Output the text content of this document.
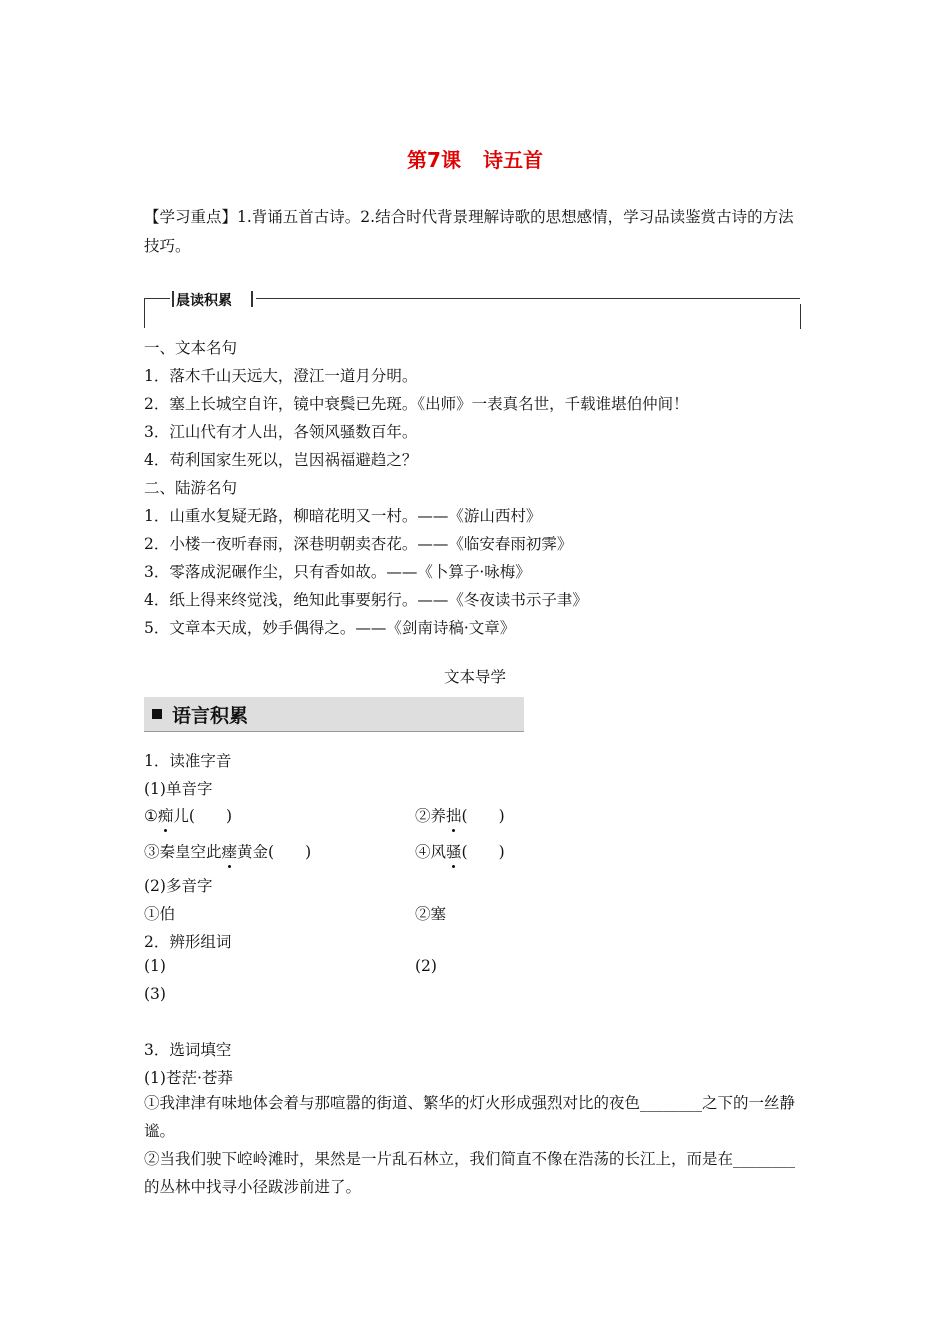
第7课 诗五首
【学习重点】1.背诵五首古诗。2.结合时代背景理解诗歌的思想感情，学习品读鉴赏古诗的方法技巧。
晨读积累
一、文本名句
1．落木千山天远大，澄江一道月分明。
2．塞上长城空自许，镜中衰鬓已先斑。《出师》一表真名世，千载谁堪伯仲间！
3．江山代有才人出，各领风骚数百年。
4．苟利国家生死以，岂因祸福避趋之？
二、陆游名句
1．山重水复疑无路，柳暗花明又一村。——《游山西村》
2．小楼一夜听春雨，深巷明朝卖杏花。——《临安春雨初霁》
3．零落成泥碾作尘，只有香如故。——《卜算子·咏梅》
4．纸上得来终觉浅，绝知此事要躬行。——《冬夜读书示子聿》
5．文章本天成，妙手偶得之。——《剑南诗稿·文章》
文本导学
语言积累
1．读准字音
(1)单音字
①痴儿(　　)	②养拙(　　)
③秦皇空此瘗黄金(　　)	④风骚(　　)
(2)多音字
①伯	②塞
2．辨形组词
(1)	(2)
(3)
3．选词填空
(1)苍茫·苍莽
①我津津有味地体会着与那喧嚣的街道、繁华的灯火形成强烈对比的夜色________之下的一丝静谧。
②当我们驶下崆岭滩时，果然是一片乱石林立，我们简直不像在浩荡的长江上，而是在________的丛林中找寻小径跋涉前进了。
